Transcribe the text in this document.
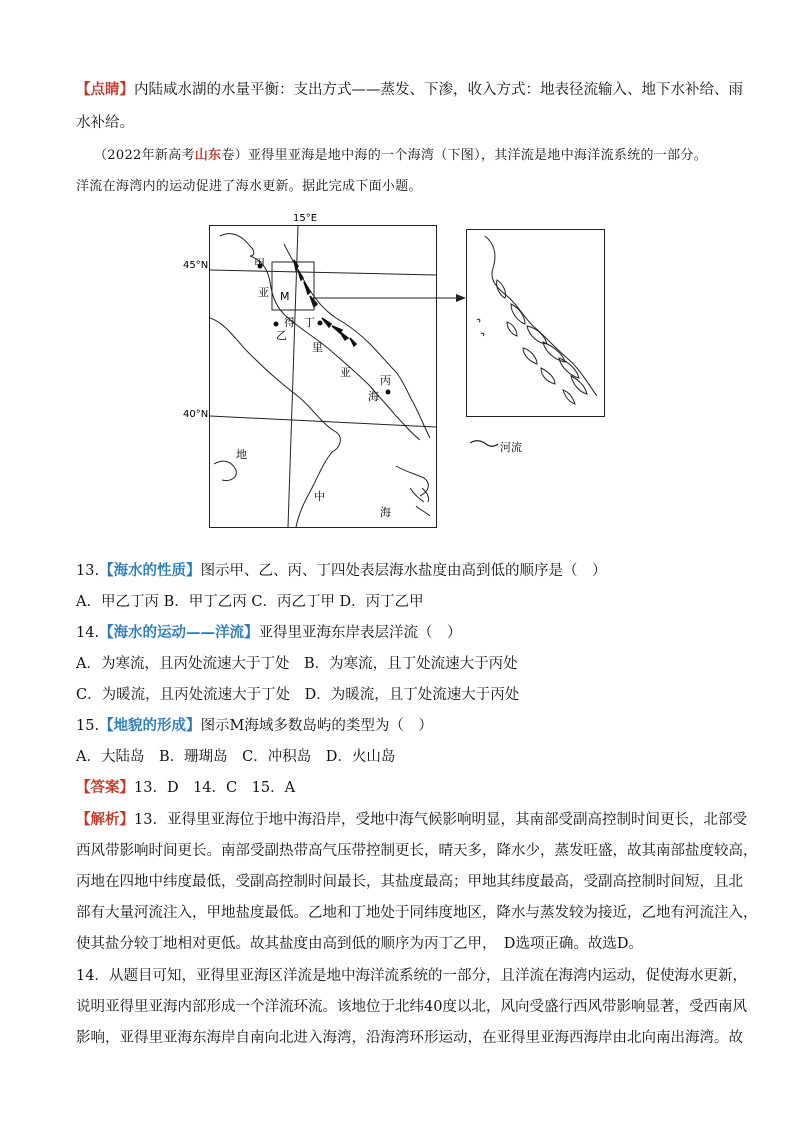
【点睛】内陆咸水湖的水量平衡：支出方式——蒸发、下渗，收入方式：地表径流输入、地下水补给、雨
水补给。
（2022年新高考山东卷）亚得里亚海是地中海的一个海湾（下图），其洋流是地中海洋流系统的一部分。
洋流在海湾内的运动促进了海水更新。据此完成下面小题。
15°E
45°N
40°N
甲
亚 M
得
乙
丁
里
亚
丙
海
地
中
海
河流
13.【海水的性质】图示甲、乙、丙、丁四处表层海水盐度由高到低的顺序是（　）
A．甲乙丁丙 B．甲丁乙丙 C．丙乙丁甲 D．丙丁乙甲
14.【海水的运动——洋流】亚得里亚海东岸表层洋流（　）
A．为寒流，且丙处流速大于丁处　B．为寒流，且丁处流速大于丙处
C．为暖流，且丙处流速大于丁处　D．为暖流，且丁处流速大于丙处
15.【地貌的形成】图示M海域多数岛屿的类型为（　）
A．大陆岛　B．珊瑚岛　C．冲积岛　D．火山岛
【答案】13．D　14．C　15．A
【解析】13．亚得里亚海位于地中海沿岸，受地中海气候影响明显，其南部受副高控制时间更长，北部受
西风带影响时间更长。南部受副热带高气压带控制更长，晴天多，降水少，蒸发旺盛，故其南部盐度较高，
丙地在四地中纬度最低，受副高控制时间最长，其盐度最高；甲地其纬度最高，受副高控制时间短，且北
部有大量河流注入，甲地盐度最低。乙地和丁地处于同纬度地区，降水与蒸发较为接近，乙地有河流注入，
使其盐分较丁地相对更低。故其盐度由高到低的顺序为丙丁乙甲，　D选项正确。故选D。
14．从题目可知，亚得里亚海区洋流是地中海洋流系统的一部分，且洋流在海湾内运动，促使海水更新，
说明亚得里亚海内部形成一个洋流环流。该地位于北纬40度以北，风向受盛行西风带影响显著，受西南风
影响，亚得里亚海东海岸自南向北进入海湾，沿海湾环形运动，在亚得里亚海西海岸由北向南出海湾。故
